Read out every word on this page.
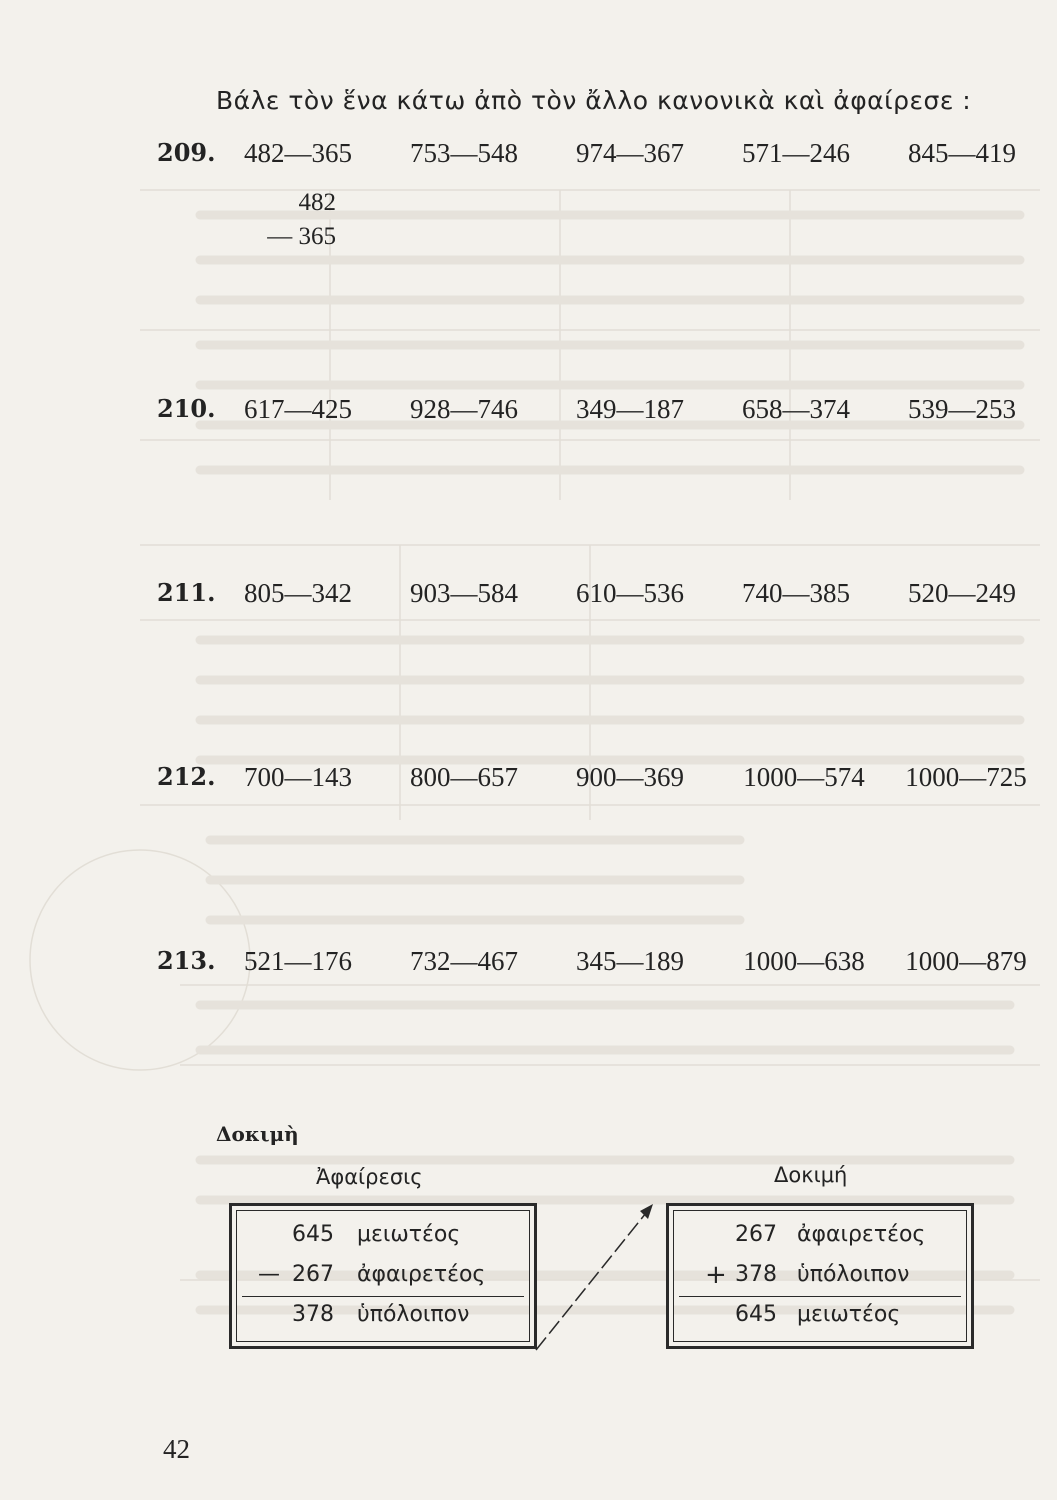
Βάλε τὸν ἕνα κάτω ἀπὸ τὸν ἄλλο κανονικὰ καὶ ἀφαίρεσε :
209.	482—365	753—548	974—367	571—246	845—419
482
— 365
210.	617—425	928—746	349—187	658—374	539—253
211.	805—342	903—584	610—536	740—385	520—249
212.	700—143	800—657	900—369	1000—574	1000—725
213.	521—176	732—467	345—189	1000—638	1000—879
Δοκιμὴ
Ἀφαίρεσις	Δοκιμή
645 μειωτέος
— 267 ἀφαιρετέος
378 ὑπόλοιπον
267 ἀφαιρετέος
+ 378 ὑπόλοιπον
645 μειωτέος
42
